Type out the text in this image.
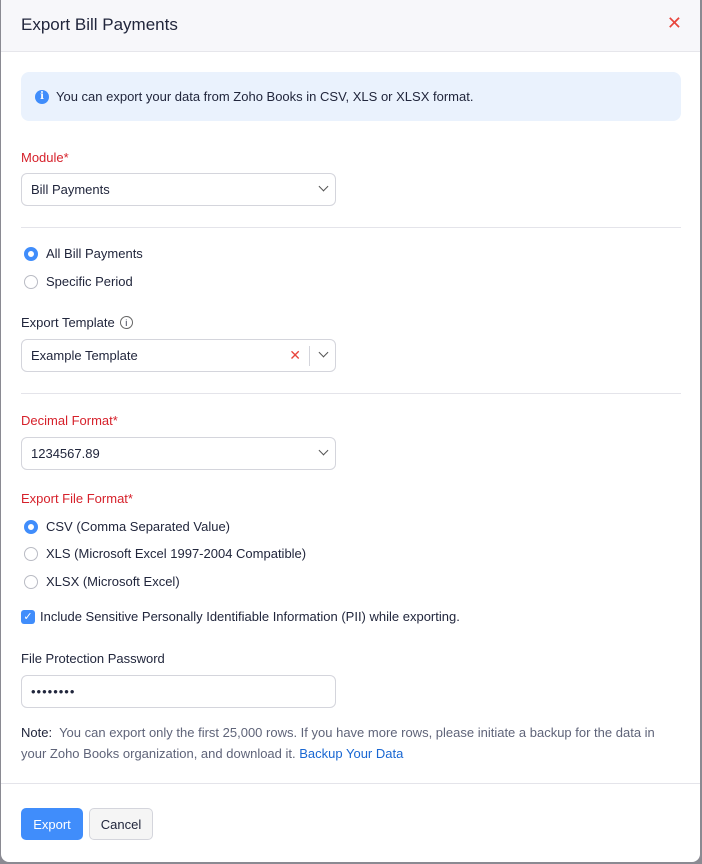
Export Bill Payments	✕
i You can export your data from Zoho Books in CSV, XLS or XLSX format.
Module*
Bill Payments
All Bill Payments
Specific Period
Export Template	i
Example Template	✕
Decimal Format*
1234567.89
Export File Format*
CSV (Comma Separated Value)
XLS (Microsoft Excel 1997-2004 Compatible)
XLSX (Microsoft Excel)
✓ Include Sensitive Personally Identifiable Information (PII) while exporting.
File Protection Password
••••••••
Note: You can export only the first 25,000 rows. If you have more rows, please initiate a backup for the data in your Zoho Books organization, and download it. Backup Your Data
Export	Cancel
